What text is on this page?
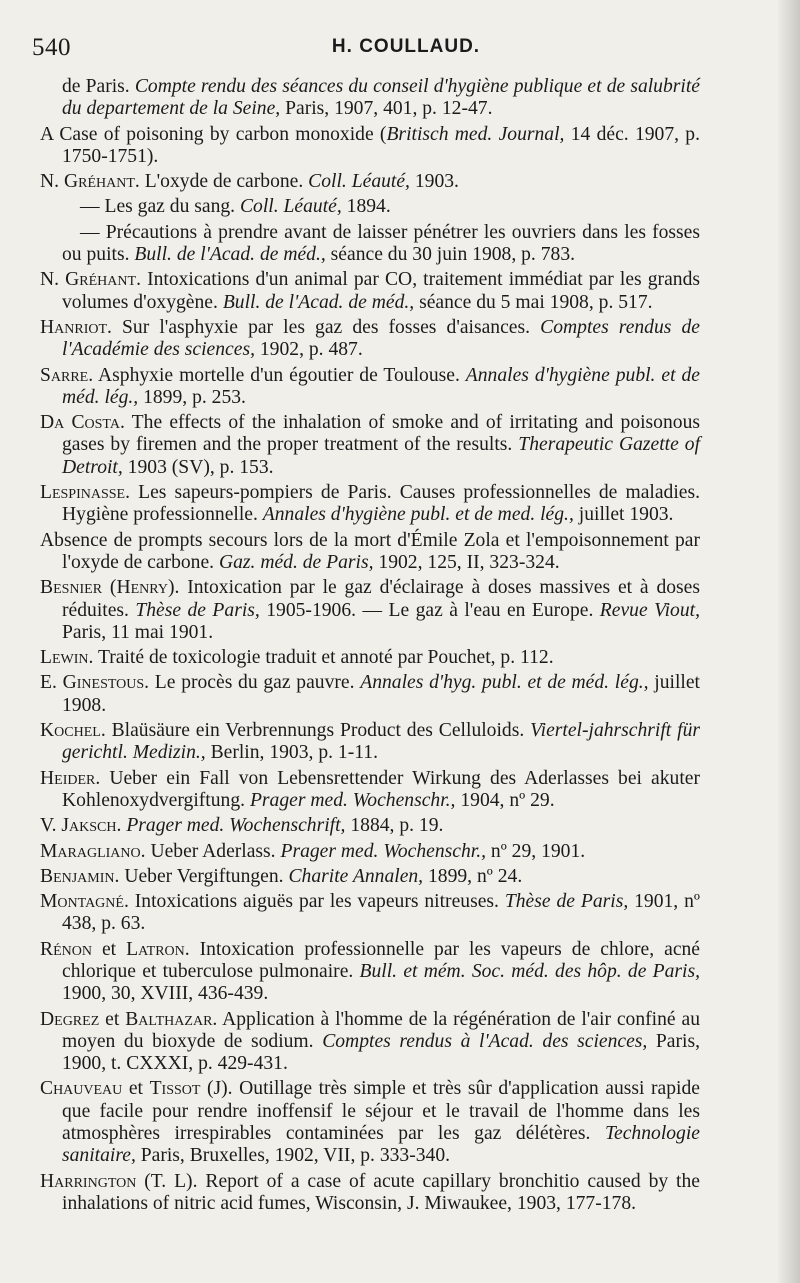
540	H. COULLAUD.

de Paris. Compte rendu des séances du conseil d'hygiène publique et de salubrité du departement de la Seine, Paris, 1907, 401, p. 12-47.

A Case of poisoning by carbon monoxide (Britisch med. Journal, 14 déc. 1907, p. 1750-1751).

N. Gréhant. L'oxyde de carbone. Coll. Léauté, 1903.

— Les gaz du sang. Coll. Léauté, 1894.

— Précautions à prendre avant de laisser pénétrer les ouvriers dans les fosses ou puits. Bull. de l'Acad. de méd., séance du 30 juin 1908, p. 783.

N. Gréhant. Intoxications d'un animal par CO, traitement immédiat par les grands volumes d'oxygène. Bull. de l'Acad. de méd., séance du 5 mai 1908, p. 517.

Hanriot. Sur l'asphyxie par les gaz des fosses d'aisances. Comptes rendus de l'Académie des sciences, 1902, p. 487.

Sarre. Asphyxie mortelle d'un égoutier de Toulouse. Annales d'hygiène publ. et de méd. lég., 1899, p. 253.

Da Costa. The effects of the inhalation of smoke and of irritating and poisonous gases by firemen and the proper treatment of the results. Therapeutic Gazette of Detroit, 1903 (SV), p. 153.

Lespinasse. Les sapeurs-pompiers de Paris. Causes professionnelles de maladies. Hygiène professionnelle. Annales d'hygiène publ. et de med. lég., juillet 1903.

Absence de prompts secours lors de la mort d'Émile Zola et l'empoisonnement par l'oxyde de carbone. Gaz. méd. de Paris, 1902, 125, II, 323-324.

Besnier (Henry). Intoxication par le gaz d'éclairage à doses massives et à doses réduites. Thèse de Paris, 1905-1906. — Le gaz à l'eau en Europe. Revue Viout, Paris, 11 mai 1901.

Lewin. Traité de toxicologie traduit et annoté par Pouchet, p. 112.

E. Ginestous. Le procès du gaz pauvre. Annales d'hyg. publ. et de méd. lég., juillet 1908.

Kochel. Blaüsäure ein Verbrennungs Product des Celluloids. Viertel-jahrschrift für gerichtl. Medizin., Berlin, 1903, p. 1-11.

Heider. Ueber ein Fall von Lebensrettender Wirkung des Aderlasses bei akuter Kohlenoxydvergiftung. Prager med. Wochenschr., 1904, nº 29.

V. Jaksch. Prager med. Wochenschrift, 1884, p. 19.

Maragliano. Ueber Aderlass. Prager med. Wochenschr., nº 29, 1901.

Benjamin. Ueber Vergiftungen. Charite Annalen, 1899, nº 24.

Montagné. Intoxications aiguës par les vapeurs nitreuses. Thèse de Paris, 1901, nº 438, p. 63.

Rénon et Latron. Intoxication professionnelle par les vapeurs de chlore, acné chlorique et tuberculose pulmonaire. Bull. et mém. Soc. méd. des hôp. de Paris, 1900, 30, XVIII, 436-439.

Degrez et Balthazar. Application à l'homme de la régénération de l'air confiné au moyen du bioxyde de sodium. Comptes rendus à l'Acad. des sciences, Paris, 1900, t. CXXXI, p. 429-431.

Chauveau et Tissot (J). Outillage très simple et très sûr d'application aussi rapide que facile pour rendre inoffensif le séjour et le travail de l'homme dans les atmosphères irrespirables contaminées par les gaz délétères. Technologie sanitaire, Paris, Bruxelles, 1902, VII, p. 333-340.

Harrington (T. L). Report of a case of acute capillary bronchitio caused by the inhalations of nitric acid fumes, Wisconsin, J. Miwaukee, 1903, 177-178.
